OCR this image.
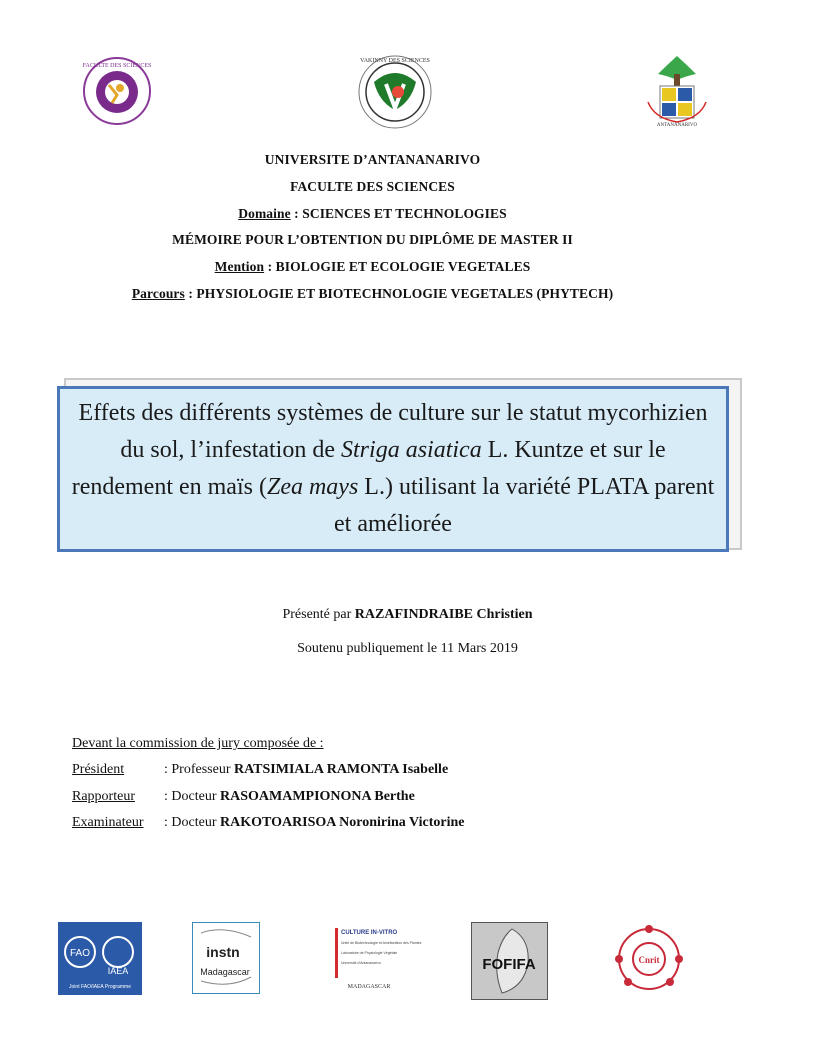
FACULTE DES SCIENCES
VAKINNY DES SCIENCES
ANTANANARIVO
UNIVERSITE D’ANTANANARIVO
FACULTE DES SCIENCES
Domaine : SCIENCES ET TECHNOLOGIES
MÉMOIRE POUR L’OBTENTION DU DIPLÔME DE MASTER II
Mention : BIOLOGIE ET ECOLOGIE VEGETALES
Parcours : PHYSIOLOGIE ET BIOTECHNOLOGIE VEGETALES (PHYTECH)
Effets des différents systèmes de culture sur le statut mycorhizien du sol, l’infestation de Striga asiatica L. Kuntze et sur le rendement en maïs (Zea mays L.) utilisant la variété PLATA parent et améliorée
Présenté par RAZAFINDRAIBE Christien
Soutenu publiquement le 11 Mars 2019
Devant la commission de jury composée de :
Président	: Professeur RATSIMIALA RAMONTA Isabelle
Rapporteur : Docteur RASOAMAMPIONONA Berthe
Examinateur : Docteur RAKOTOARISOA Noronirina Victorine
FAO
IAEA
Joint FAO/IAEA Programme
instn
Madagascar
CULTURE IN-VITRO
Unité de Biotechnologie et Amélioration des Plantes
Laboratoire de Physiologie Végétale
Université d'Antananarivo
MADAGASCAR
FOFIFA	Cnrit
